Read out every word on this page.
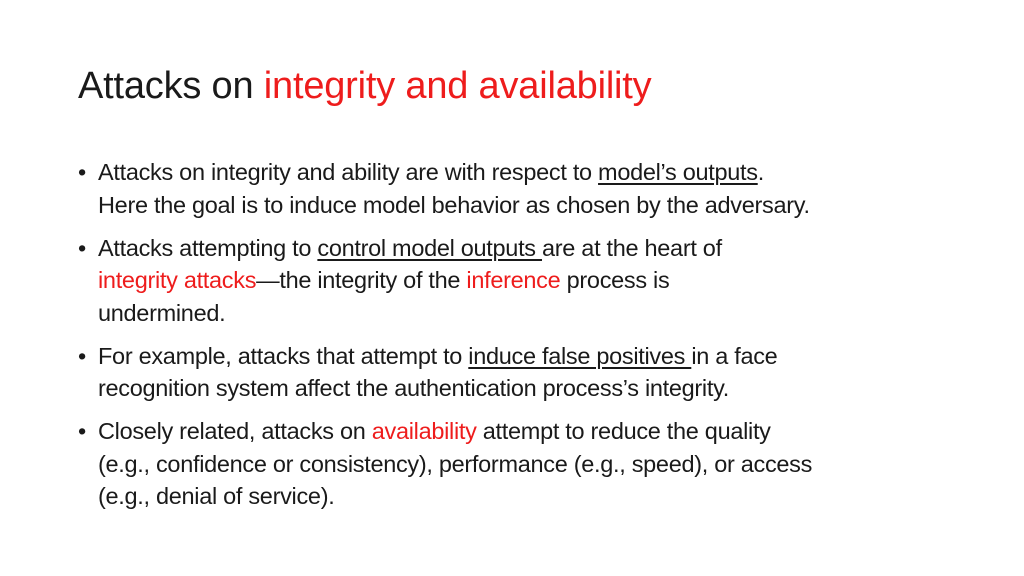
Attacks on integrity and availability
• Attacks on integrity and ability are with respect to model’s outputs.
Here the goal is to induce model behavior as chosen by the adversary.
• Attacks attempting to control model outputs are at the heart of
integrity attacks—the integrity of the inference process is
undermined.
• For example, attacks that attempt to induce false positives in a face
recognition system affect the authentication process’s integrity.
• Closely related, attacks on availability attempt to reduce the quality
(e.g., confidence or consistency), performance (e.g., speed), or access
(e.g., denial of service).
